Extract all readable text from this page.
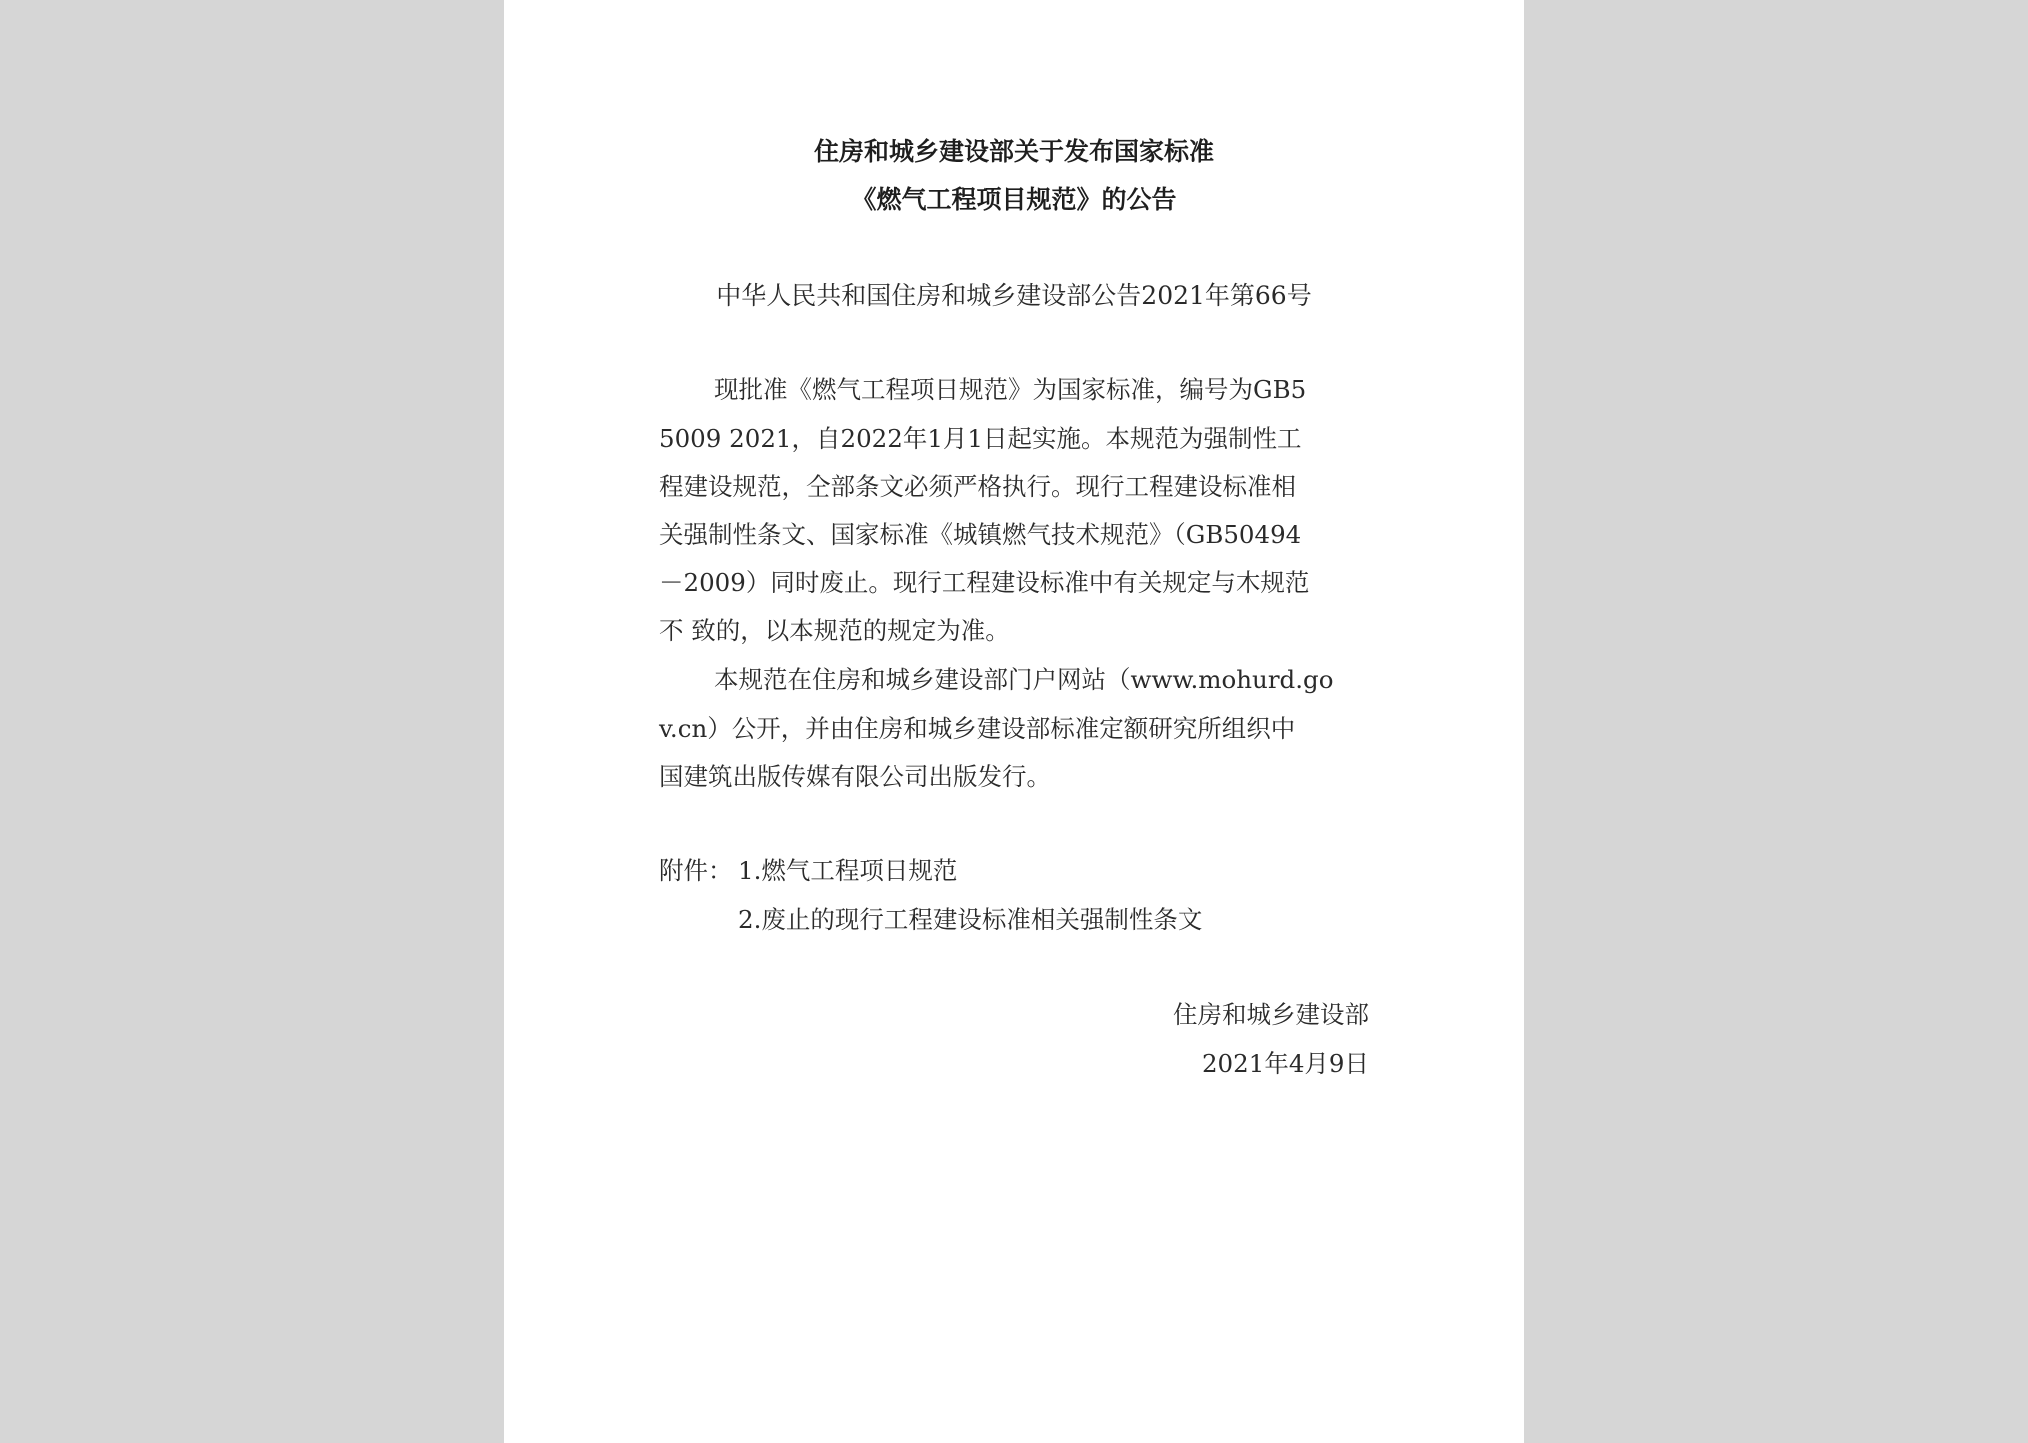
住房和城乡建设部关于发布国家标准
《燃气工程项目规范》的公告
中华人民共和国住房和城乡建设部公告2021年第66号
现批准《燃气工程项日规范》为国家标准，编号为GB5
5009 2021，自2022年1月1日起实施。本规范为强制性工
程建设规范，仝部条文必须严格执行。现行工程建设标准相
关强制性条文、国家标准《城镇燃气技术规范》（GB50494
－2009）同时废止。现行工程建设标准中有关规定与木规范
不 致的，以本规范的规定为准。
本规范在住房和城乡建设部门户网站（www.mohurd.go
v.cn）公开，并由住房和城乡建设部标准定额研究所组织中
国建筑出版传媒有限公司出版发行。
附件： 1.燃气工程项日规范
2.废止的现行工程建设标准相关强制性条文
住房和城乡建设部
2021年4月9日
